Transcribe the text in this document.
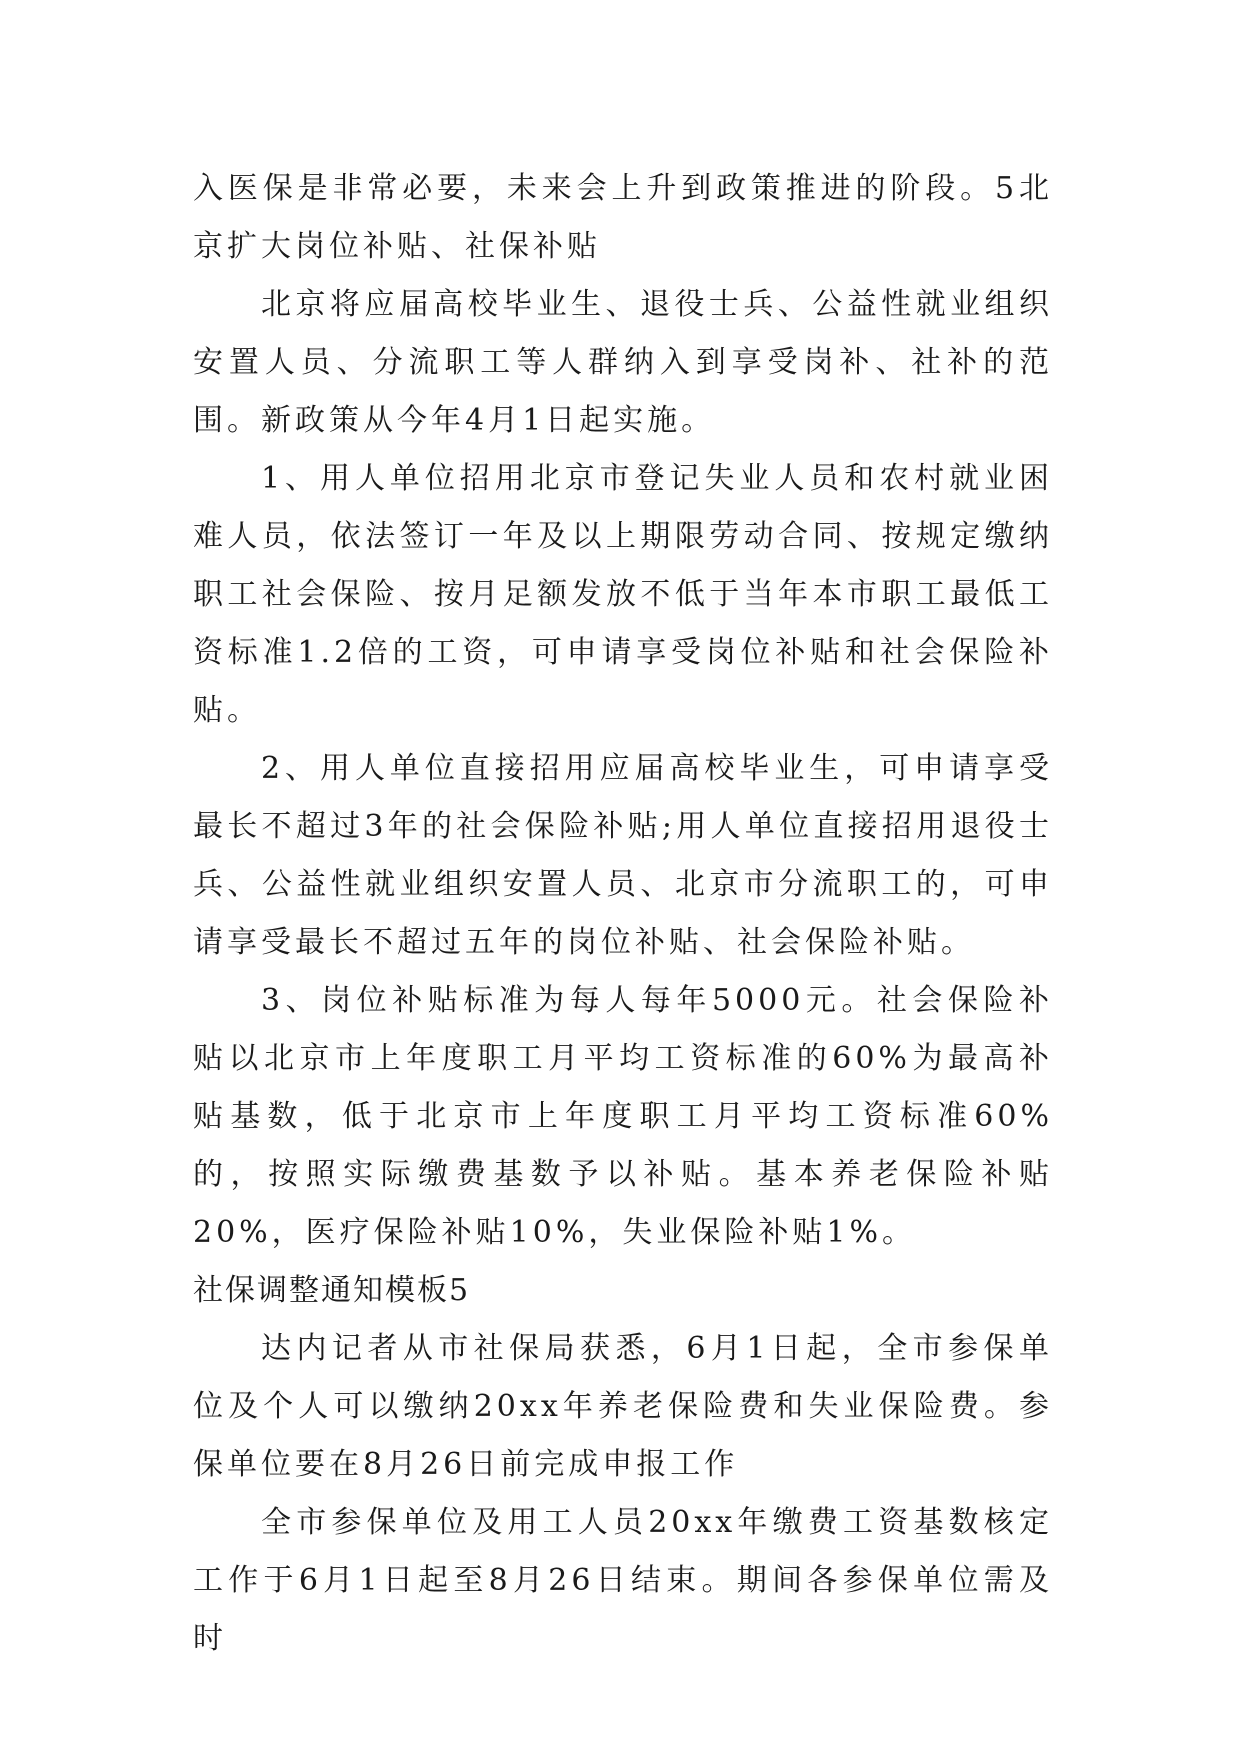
入医保是非常必要，未来会上升到政策推进的阶段。5北京扩大岗位补贴、社保补贴

北京将应届高校毕业生、退役士兵、公益性就业组织安置人员、分流职工等人群纳入到享受岗补、社补的范围。新政策从今年4月1日起实施。

1、用人单位招用北京市登记失业人员和农村就业困难人员，依法签订一年及以上期限劳动合同、按规定缴纳职工社会保险、按月足额发放不低于当年本市职工最低工资标准1.2倍的工资，可申请享受岗位补贴和社会保险补贴。

2、用人单位直接招用应届高校毕业生，可申请享受最长不超过3年的社会保险补贴;用人单位直接招用退役士兵、公益性就业组织安置人员、北京市分流职工的，可申请享受最长不超过五年的岗位补贴、社会保险补贴。

3、岗位补贴标准为每人每年5000元。社会保险补贴以北京市上年度职工月平均工资标准的60%为最高补贴基数，低于北京市上年度职工月平均工资标准60%的，按照实际缴费基数予以补贴。基本养老保险补贴20%，医疗保险补贴10%，失业保险补贴1%。

社保调整通知模板5

达内记者从市社保局获悉，6月1日起，全市参保单位及个人可以缴纳20xx年养老保险费和失业保险费。参保单位要在8月26日前完成申报工作

全市参保单位及用工人员20xx年缴费工资基数核定工作于6月1日起至8月26日结束。期间各参保单位需及时
